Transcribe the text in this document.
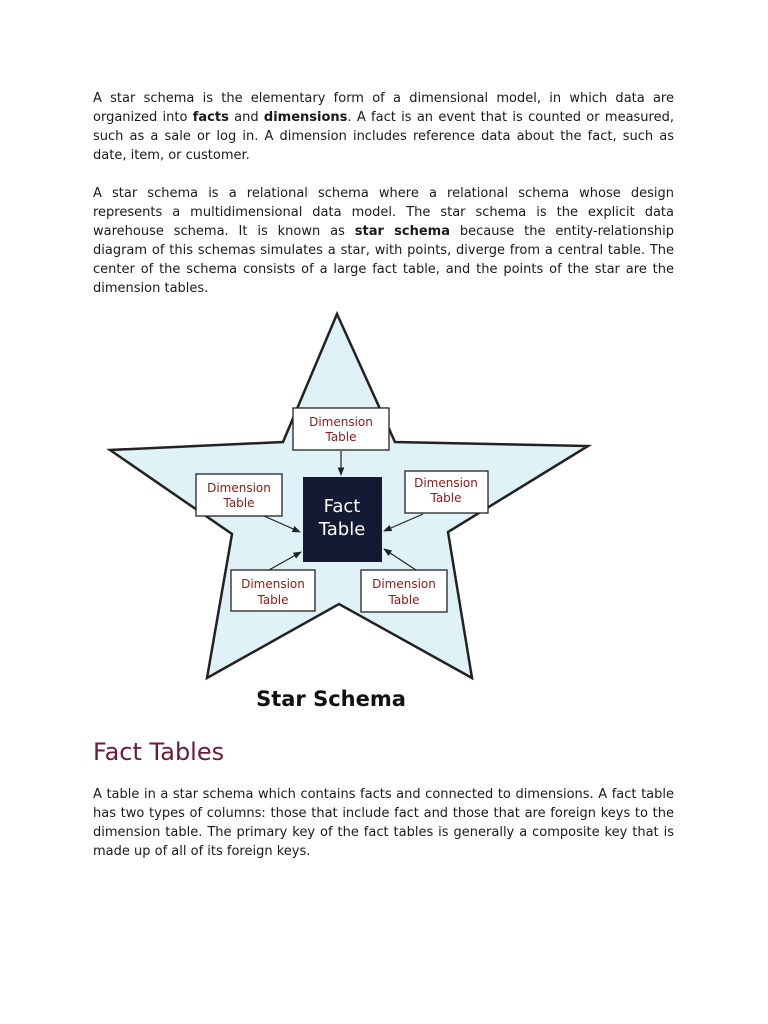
A star schema is the elementary form of a dimensional model, in which data are organized into facts and dimensions. A fact is an event that is counted or measured, such as a sale or log in. A dimension includes reference data about the fact, such as date, item, or customer.

A star schema is a relational schema where a relational schema whose design represents a multidimensional data model. The star schema is the explicit data warehouse schema. It is known as star schema because the entity-relationship diagram of this schemas simulates a star, with points, diverge from a central table. The center of the schema consists of a large fact table, and the points of the star are the dimension tables.

Dimension
Table
Dimension
Table
Dimension
Table
Dimension
Table
Dimension
Table
Fact
Table
Star Schema
Fact Tables

A table in a star schema which contains facts and connected to dimensions. A fact table has two types of columns: those that include fact and those that are foreign keys to the dimension table. The primary key of the fact tables is generally a composite key that is made up of all of its foreign keys.
